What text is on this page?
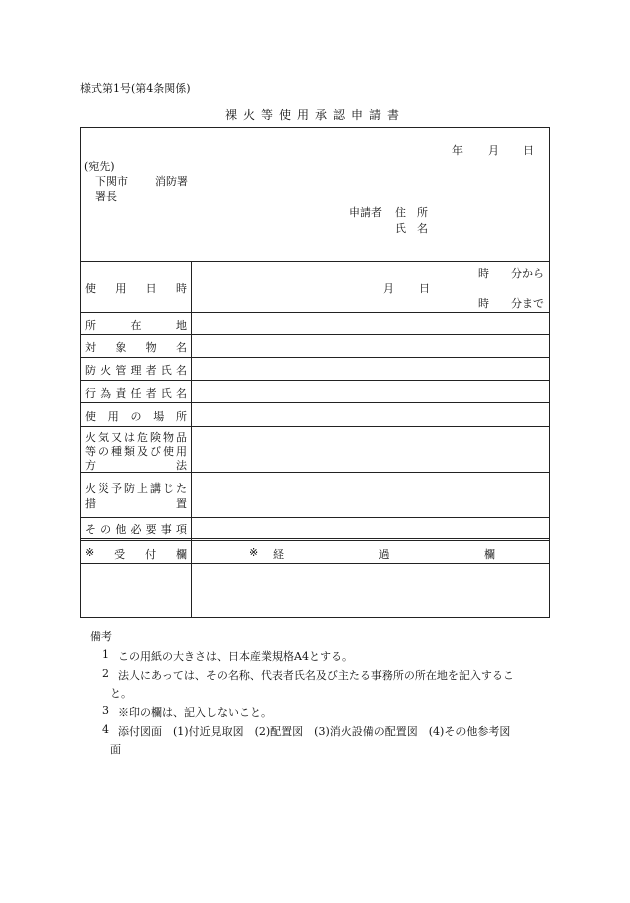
様式第1号(第4条関係)
裸火等使用承認申請書
年 月 日
(宛先)
下関市 消防署
署長
申請者 住　所
氏　名
使 用 日 時	月 日
時 分から
時 分まで
所	在	地
対 象 物 名
防 火 管 理 者 氏 名
行 為 責 任 者 氏 名
使 用 の 場 所
火 気 又 は 危 険 物 品
等 の 種 類 及 び 使 用
方	法
火 災 予 防 上 講 じ た
措	置
そ の 他 必 要 事 項
※ 受 付 欄	※ 経	過	欄
備考
1 この用紙の大きさは、日本産業規格A4とする。
2 法人にあっては、その名称、代表者氏名及び主たる事務所の所在地を記入するこ
と。
3 ※印の欄は、記入しないこと。
4 添付図面　(1)付近見取図　(2)配置図　(3)消火設備の配置図　(4)その他参考図
面
